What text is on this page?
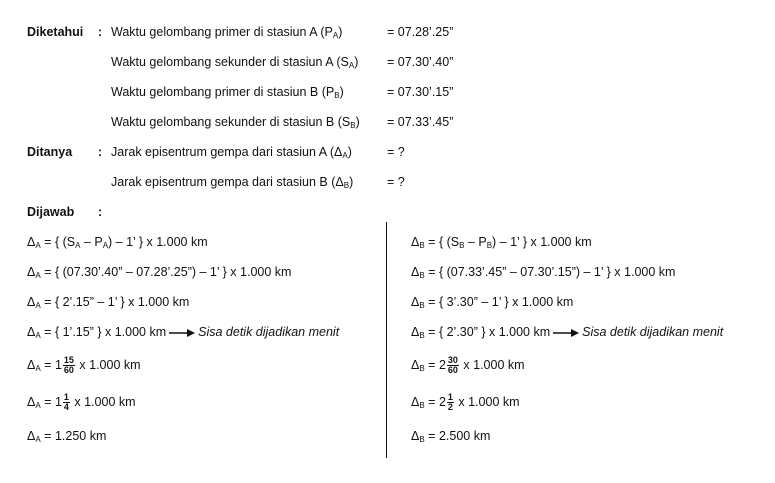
Diketahui : Waktu gelombang primer di stasiun A $(P_A)$	= 07.28’.25”
Waktu gelombang sekunder di stasiun A $(S_A)$ = 07.30’.40”
Waktu gelombang primer di stasiun B $(P_B)$	= 07.30’.15”
Waktu gelombang sekunder di stasiun B $(S_B)$ = 07.33’.45”
Ditanya : Jarak episentrum gempa dari stasiun A $(\Delta_A)$	= ?
Jarak episentrum gempa dari stasiun B $(\Delta_B)$	= ?
Dijawab :
$\Delta_A$ = { $(S_A - P_A) - 1$’ } x 1.000 km
$\Delta_A$ = { (07.30’.40” – 07.28’.25”) – 1’ } x 1.000 km
$\Delta_A$ = { 2’.15” – 1’ } x 1.000 km
$\Delta_A$ = { 1’.15” } x 1.000 km	Sisa detik dijadikan menit
$\Delta_A = 1 \frac{15}{60}$ x 1.000 km
$\Delta_A = 1 \frac{1}{4}$ x 1.000 km
$\Delta_A = 1.250$ km
$\Delta_B$ = { $(S_B - P_B) - 1$’ } x 1.000 km
$\Delta_B$ = { (07.33’.45” – 07.30’.15”) – 1’ } x 1.000 km
$\Delta_B$ = { 3’.30” – 1’ } x 1.000 km
$\Delta_B$ = { 2’.30” } x 1.000 km	Sisa detik dijadikan menit
$\Delta_B = 2 \frac{30}{60}$ x 1.000 km
$\Delta_B = 2 \frac{1}{2}$ x 1.000 km
$\Delta_B = 2.500$ km
